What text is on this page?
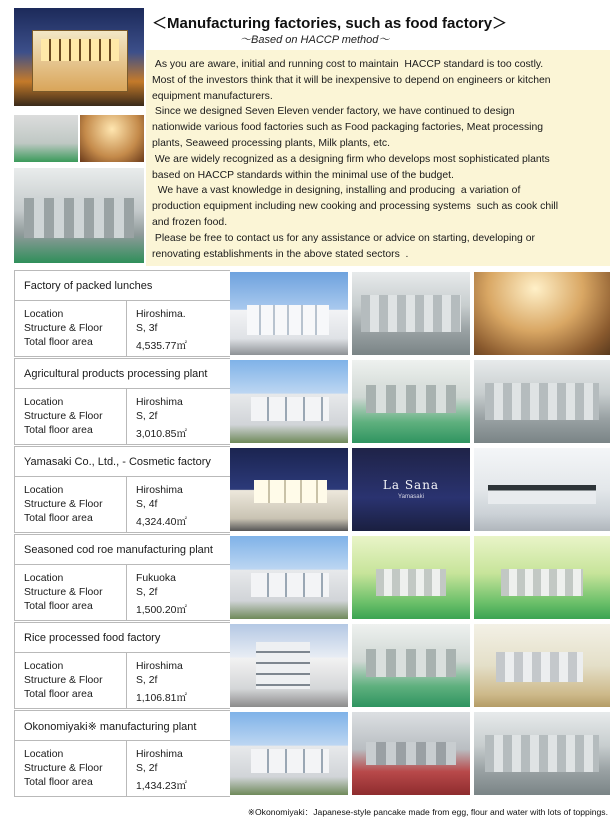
＜Manufacturing factories, such as food factory＞
〜Based on HACCP method〜

As you are aware, initial and running cost to maintain  HACCP standard is too costly.

Most of the investors think that it will be inexpensive to depend on engineers or kitchen

equipment manufacturers.

Since we designed Seven Eleven vender factory, we have continued to design

nationwide various food factories such as Food packaging factories, Meat processing

plants, Seaweed processing plants, Milk plants, etc.

We are widely recognized as a designing firm who develops most sophisticated plants

based on HACCP standards within the minimal use of the budget.

We have a vast knowledge in designing, installing and producing  a variation of

production equipment including new cooking and processing systems  such as cook chill

and frozen food.

Please be free to contact us for any assistance or advice on starting, developing or

renovating establishments in the above stated sectors  .

Factory of packed lunches
Location
Structure & Floor
Total floor area
Hiroshima.
S, 3f
4,535.77㎡
Agricultural products processing plant
Location
Structure & Floor
Total floor area
Hiroshima
S, 2f
3,010.85㎡
Yamasaki Co., Ltd., - Cosmetic factory
Location
Structure & Floor
Total floor area
Hiroshima
S, 4f
4,324.40㎡
La Sana
Yamasaki
Seasoned cod roe manufacturing plant
Location
Structure & Floor
Total floor area
Fukuoka
S, 2f
1,500.20㎡
Rice processed food factory
Location
Structure & Floor
Total floor area
Hiroshima
S, 2f
1,106.81㎡
Okonomiyaki※ manufacturing plant
Location
Structure & Floor
Total floor area
Hiroshima
S, 2f
1,434.23㎡
※Okonomiyaki：Japanese-style pancake made from egg, flour and water with lots of toppings.
